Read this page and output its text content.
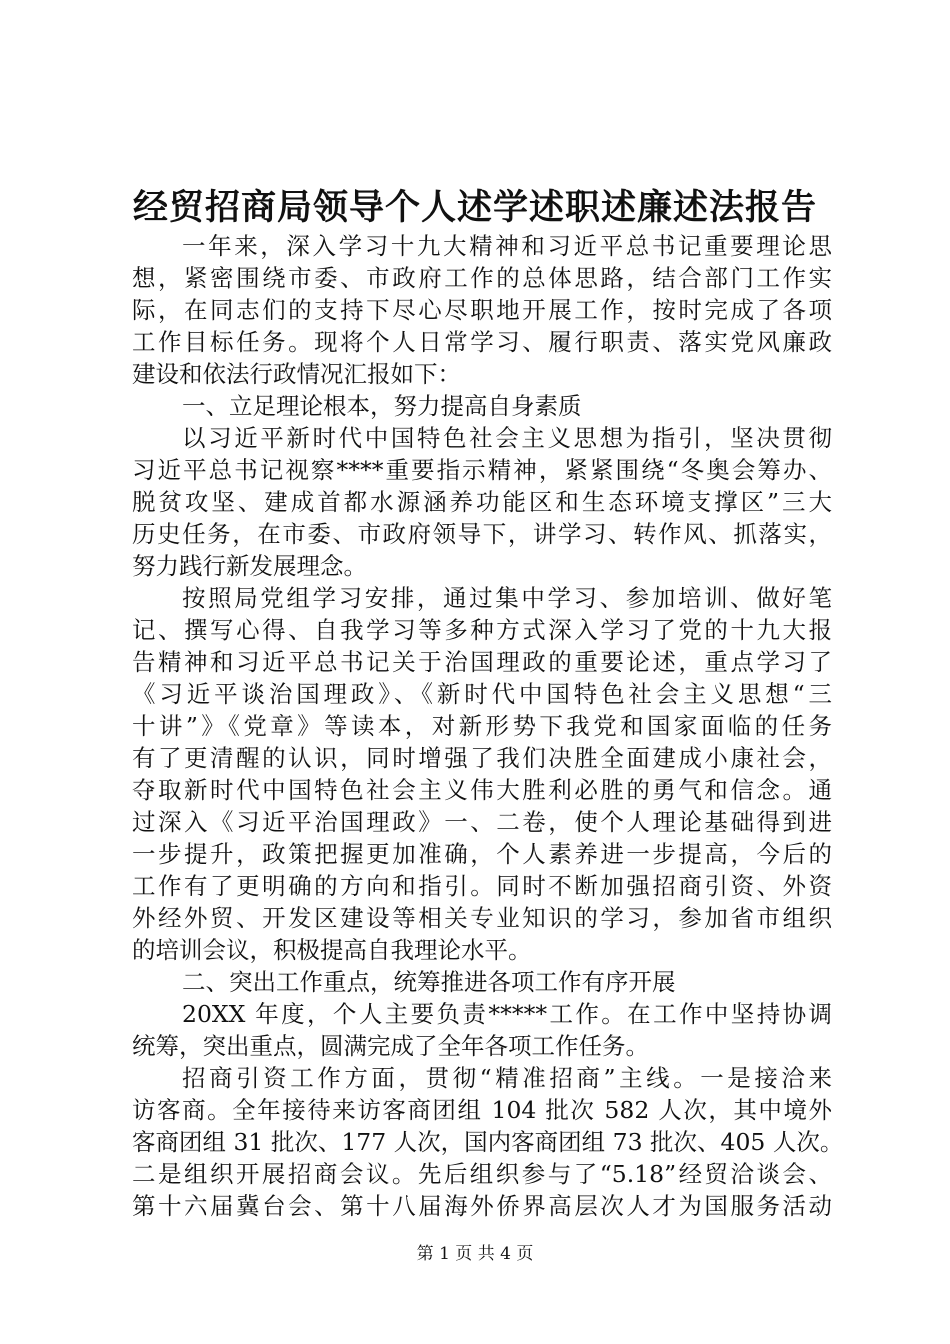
经贸招商局领导个人述学述职述廉述法报告
一年来，深入学习十九大精神和习近平总书记重要理论思
想，紧密围绕市委、市政府工作的总体思路，结合部门工作实
际，在同志们的支持下尽心尽职地开展工作，按时完成了各项
工作目标任务。现将个人日常学习、履行职责、落实党风廉政
建设和依法行政情况汇报如下：
一、立足理论根本，努力提高自身素质
以习近平新时代中国特色社会主义思想为指引，坚决贯彻
习近平总书记视察****重要指示精神，紧紧围绕“冬奥会筹办、
脱贫攻坚、建成首都水源涵养功能区和生态环境支撑区”三大
历史任务，在市委、市政府领导下，讲学习、转作风、抓落实，
努力践行新发展理念。
按照局党组学习安排，通过集中学习、参加培训、做好笔
记、撰写心得、自我学习等多种方式深入学习了党的十九大报
告精神和习近平总书记关于治国理政的重要论述，重点学习了
《习近平谈治国理政》、《新时代中国特色社会主义思想“三
十讲”》《党章》等读本，对新形势下我党和国家面临的任务
有了更清醒的认识，同时增强了我们决胜全面建成小康社会，
夺取新时代中国特色社会主义伟大胜利必胜的勇气和信念。通
过深入《习近平治国理政》一、二卷，使个人理论基础得到进
一步提升，政策把握更加准确，个人素养进一步提高，今后的
工作有了更明确的方向和指引。同时不断加强招商引资、外资
外经外贸、开发区建设等相关专业知识的学习，参加省市组织
的培训会议，积极提高自我理论水平。
二、突出工作重点，统筹推进各项工作有序开展
20XX 年度，个人主要负责*****工作。在工作中坚持协调
统筹，突出重点，圆满完成了全年各项工作任务。
招商引资工作方面，贯彻“精准招商”主线。一是接洽来
访客商。全年接待来访客商团组 104 批次 582 人次，其中境外
客商团组 31 批次、177 人次，国内客商团组 73 批次、405 人次。
二是组织开展招商会议。先后组织参与了“5.18”经贸洽谈会、
第十六届冀台会、第十八届海外侨界高层次人才为国服务活动
第 1 页 共 4 页
